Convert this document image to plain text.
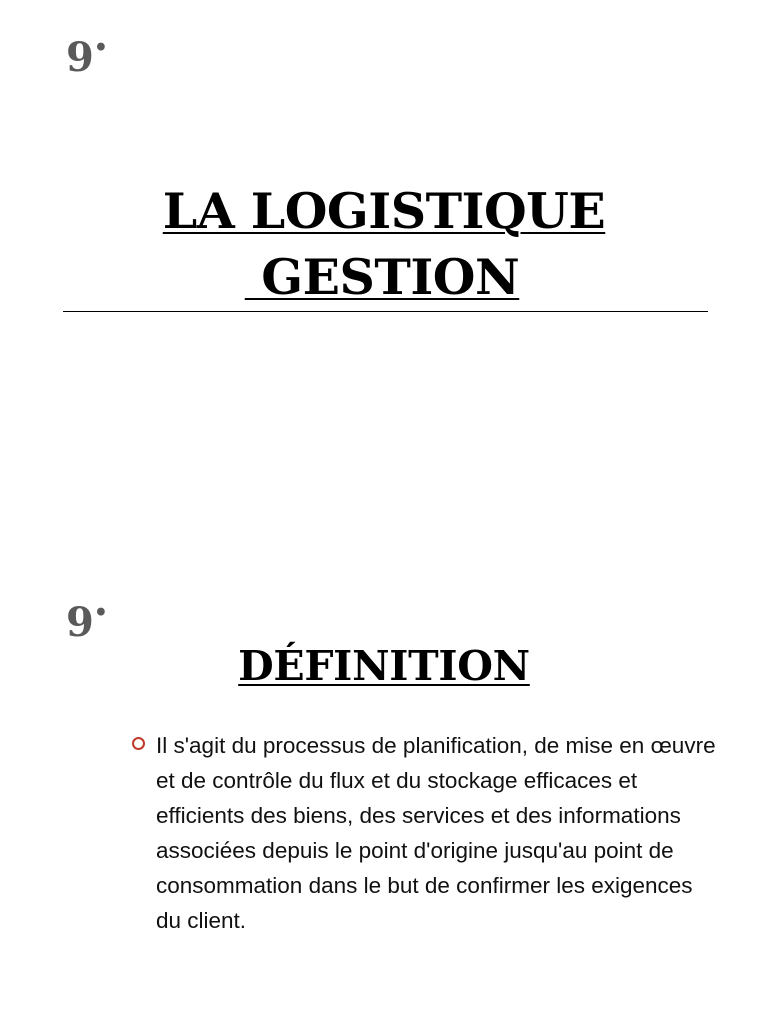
9•
LA LOGISTIQUE
GESTION
9•
DÉFINITION
Il s'agit du processus de planification, de mise en œuvre et de contrôle du flux et du stockage efficaces et efficients des biens, des services et des informations associées depuis le point d'origine jusqu'au point de consommation dans le but de confirmer les exigences du client.
